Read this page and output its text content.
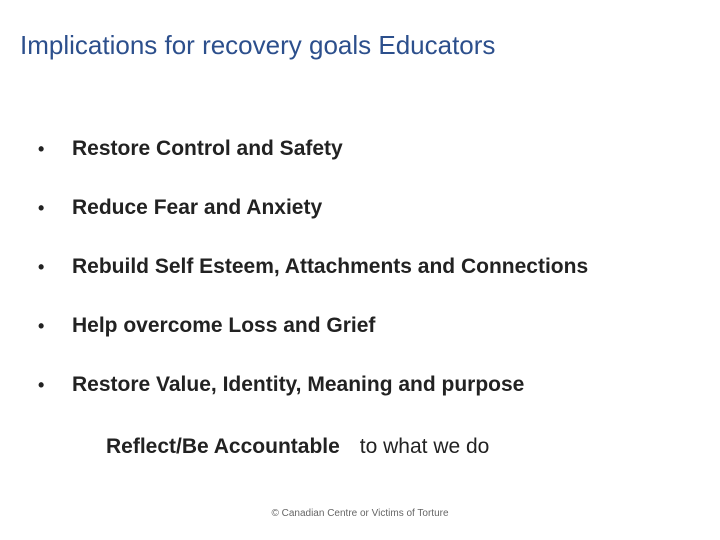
Implications for recovery goals Educators
•	Restore Control and Safety
•	Reduce Fear and Anxiety
•	Rebuild Self Esteem, Attachments and Connections
•	Help overcome Loss and Grief
•	Restore Value, Identity, Meaning and purpose
Reflect/Be Accountable to what we do
© Canadian Centre or Victims of Torture
